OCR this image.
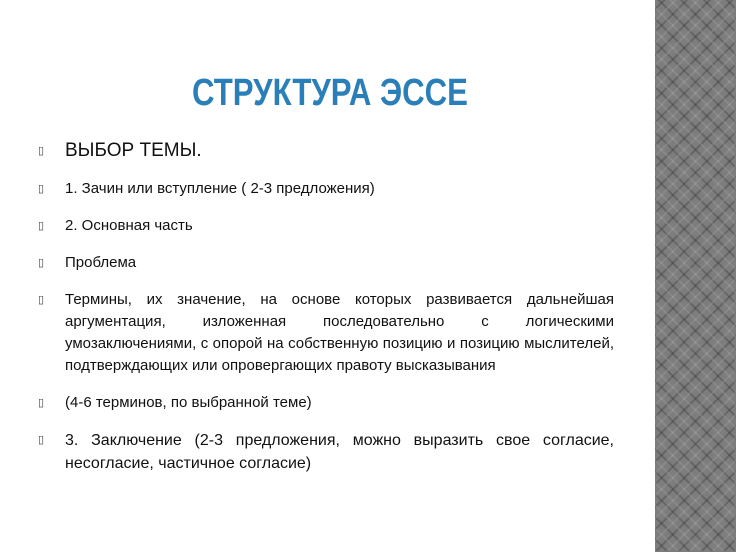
СТРУКТУРА ЭССЕ
▯ ВЫБОР ТЕМЫ.
▯ 1. Зачин или вступление ( 2-3 предложения)
▯ 2. Основная часть
▯ Проблема
▯ Термины, их значение, на основе которых развивается дальнейшая аргументация, изложенная последовательно с логическими умозаключениями, с опорой на собственную позицию и позицию мыслителей, подтверждающих или опровергающих правоту высказывания
▯ (4-6 терминов, по выбранной теме)
▯ 3. Заключение (2-3 предложения, можно выразить свое согласие, несогласие, частичное согласие)
